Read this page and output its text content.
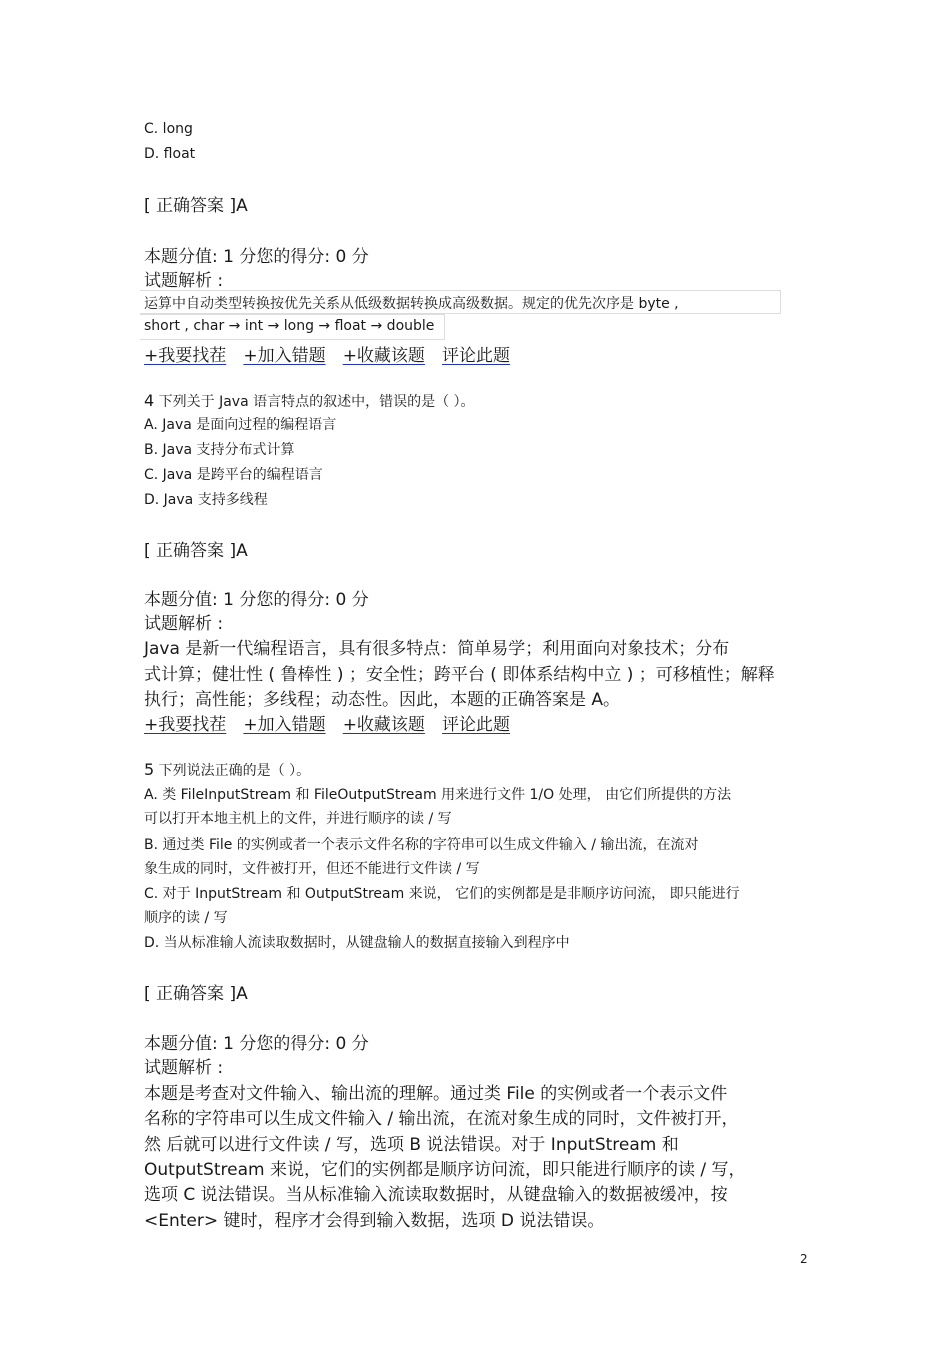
C. long
D. float
[ 正确答案 ]A
本题分值: 1 分您的得分: 0 分
试题解析 :
运算中自动类型转换按优先关系从低级数据转换成高级数据。规定的优先次序是 byte ,
short , char → int → long → float → double
+我要找茬 +加入错题 +收藏该题 评论此题
4 下列关于 Java 语言特点的叙述中，错误的是（ ）。
A. Java 是面向过程的编程语言
B. Java 支持分布式计算
C. Java 是跨平台的编程语言
D. Java 支持多线程
[ 正确答案 ]A
本题分值: 1 分您的得分: 0 分
试题解析 :
Java 是新一代编程语言，具有很多特点：简单易学；利用面向对象技术；分布
式计算；健壮性 ( 鲁棒性 ) ；安全性；跨平台 ( 即体系结构中立 ) ；可移植性；解释
执行；高性能；多线程；动态性。因此，本题的正确答案是 A。
+我要找茬 +加入错题 +收藏该题 评论此题
5 下列说法正确的是（ ）。
A. 类 FileInputStream 和 FileOutputStream 用来进行文件 1/O 处理， 由它们所提供的方法
可以打开本地主机上的文件，并进行顺序的读 / 写
B. 通过类 File 的实例或者一个表示文件名称的字符串可以生成文件输入 / 输出流，在流对
象生成的同时，文件被打开，但还不能进行文件读 / 写
C. 对于 InputStream 和 OutputStream 来说， 它们的实例都是是非顺序访问流， 即只能进行
顺序的读 / 写
D. 当从标准输人流读取数据时，从键盘输人的数据直接输入到程序中
[ 正确答案 ]A
本题分值: 1 分您的得分: 0 分
试题解析 :
本题是考查对文件输入、输出流的理解。通过类 File 的实例或者一个表示文件
名称的字符串可以生成文件输入 / 输出流，在流对象生成的同时，文件被打开，
然 后就可以进行文件读 / 写，选项 B 说法错误。对于 InputStream 和
OutputStream 来说，它们的实例都是顺序访问流，即只能进行顺序的读 / 写，
选项 C 说法错误。当从标准输入流读取数据时，从键盘输入的数据被缓冲，按
<Enter> 键时，程序才会得到输入数据，选项 D 说法错误。
2
